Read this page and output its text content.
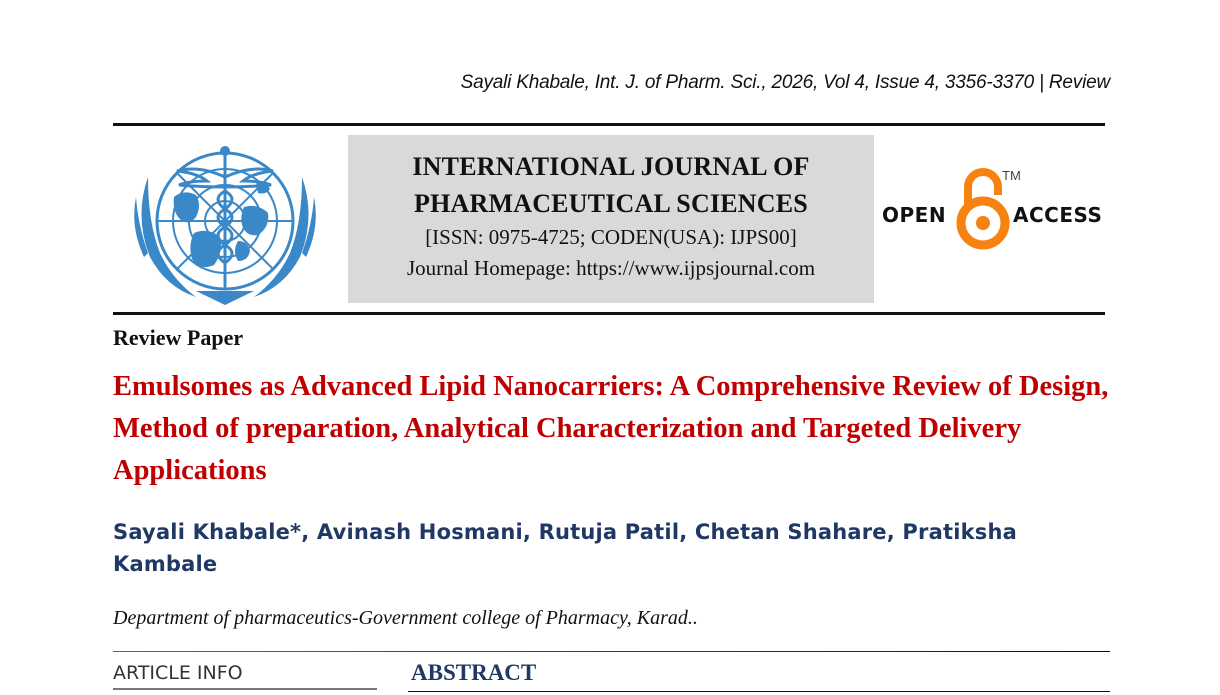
Sayali Khabale, Int. J. of Pharm. Sci., 2026, Vol 4, Issue 4, 3356-3370 | Review
INTERNATIONAL JOURNAL OF
PHARMACEUTICAL SCIENCES
[ISSN: 0975-4725; CODEN(USA): IJPS00]
Journal Homepage: https://www.ijpsjournal.com
OPEN
TM
ACCESS
Review Paper
Emulsomes as Advanced Lipid Nanocarriers: A Comprehensive Review of Design, Method of preparation, Analytical Characterization and Targeted Delivery Applications
Sayali Khabale*, Avinash Hosmani, Rutuja Patil, Chetan Shahare, Pratiksha Kambale
Department of pharmaceutics-Government college of Pharmacy, Karad..
ARTICLE INFO	ABSTRACT
